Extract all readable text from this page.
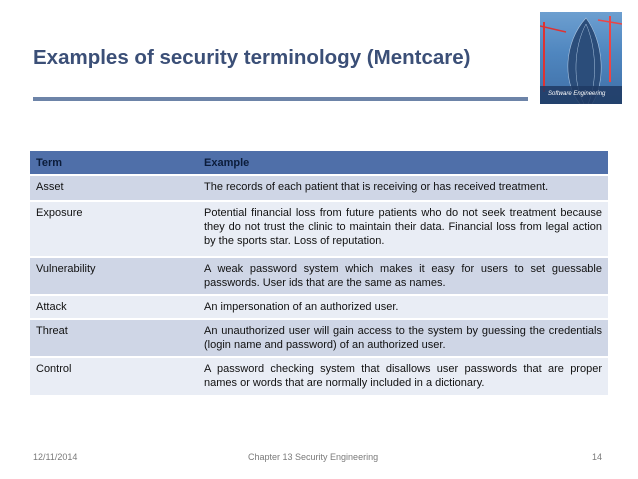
Examples of security terminology (Mentcare)
Software Engineering
Term	Example
Asset	The records of each patient that is receiving or has received treatment.
Exposure	Potential financial loss from future patients who do not seek treatment because they do not trust the clinic to maintain their data. Financial loss from legal action by the sports star. Loss of reputation.
Vulnerability	A weak password system which makes it easy for users to set guessable passwords. User ids that are the same as names.
Attack	An impersonation of an authorized user.
Threat	An unauthorized user will gain access to the system by guessing the credentials (login name and password) of an authorized user.
Control	A password checking system that disallows user passwords that are proper names or words that are normally included in a dictionary.
12/11/2014	Chapter 13 Security Engineering	14
